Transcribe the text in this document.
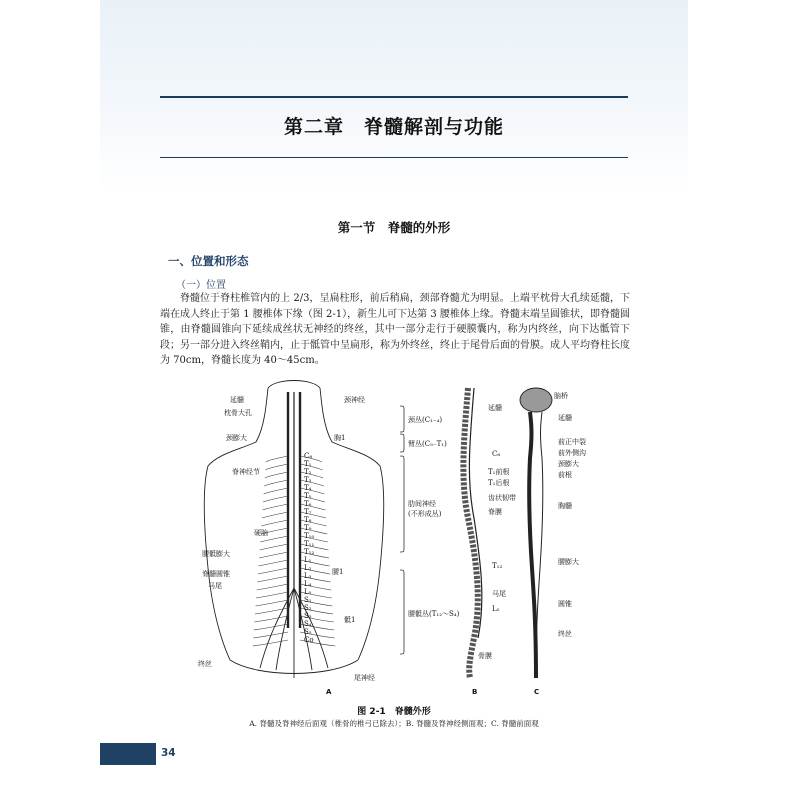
第二章　脊髓解剖与功能
第一节　脊髓的外形
一、位置和形态
（一）位置

脊髓位于脊柱椎管内的上 2/3，呈扁柱形，前后稍扁，颈部脊髓尤为明显。上端平枕骨大孔续延髓，下端在成人终止于第 1 腰椎体下缘（图 2-1），新生儿可下达第 3 腰椎体上缘。脊髓末端呈圆锥状，即脊髓圆锥，由脊髓圆锥向下延续成丝状无神经的终丝，其中一部分走行于硬膜囊内，称为内终丝，向下达骶管下段；另一部分进入终丝鞘内，止于骶管中呈扁形，称为外终丝，终止于尾骨后面的骨膜。成人平均脊柱长度为 70cm，脊髓长度为 40～45cm。

延髓
枕骨大孔
颈膨大
脊神经节
硬脑
腰骶膨大
脊髓圆锥
马尾
终丝
颈神经
胸1
腰1
骶1
尾神经
C₈
T₁
T₂
T₃
T₄
T₅
T₆
T₇
T₈
T₉
T₁₀
T₁₁
T₁₂
L₁
L₂
L₃
L₄
L₅
S₁
S₂
S₃
S₄
S₅
Co
颈丛(C₁₋₄)
臂丛(C₅₋T₁)
肋间神经
(不形成丛)
腰骶丛(T₁₂～S₄)
延髓
C₈
T₁前根
T₁后根
齿状韧带
脊膜
T₁₂
马尾
L₅
骨膜
脑桥
延髓
前正中裂
前外侧沟
颈膨大
前根
胸髓
腰膨大
圆锥
终丝
A	B	C
图 2-1　脊髓外形
A. 脊髓及脊神经后面观（椎骨的椎弓已除去）；B. 脊髓及脊神经侧面观；C. 脊髓前面观
34
